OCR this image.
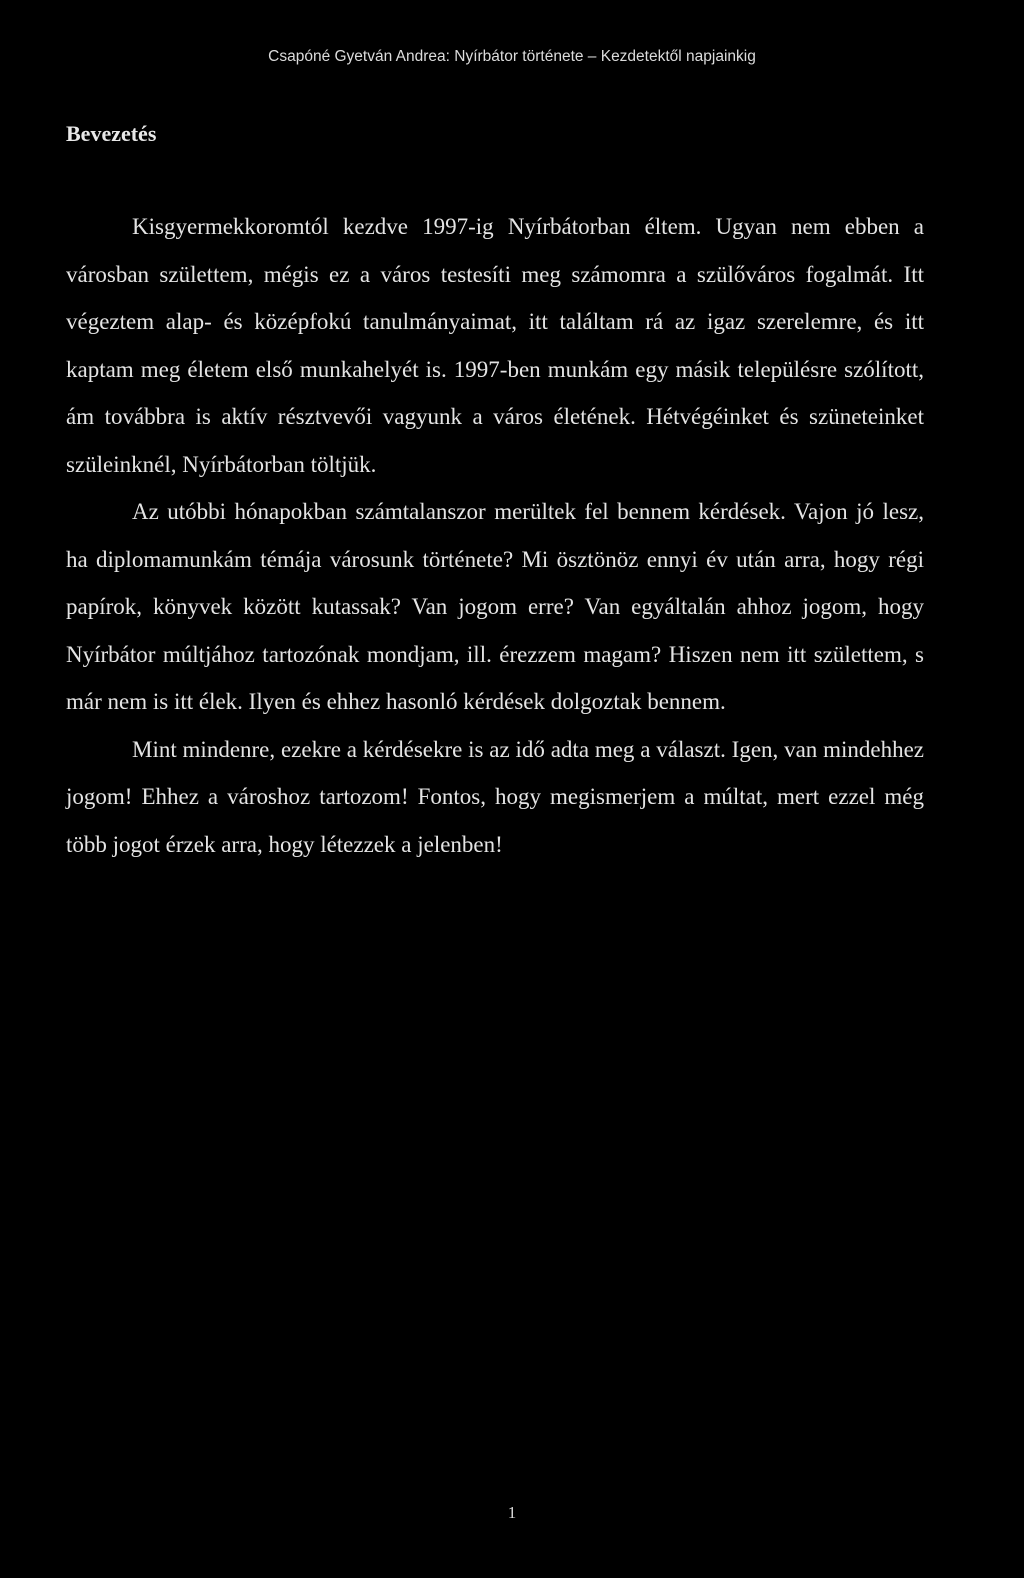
Csapóné Gyetván Andrea: Nyírbátor története – Kezdetektől napjainkig
Bevezetés

Kisgyermekkoromtól kezdve 1997-ig Nyírbátorban éltem. Ugyan nem ebben a városban születtem, mégis ez a város testesíti meg számomra a szülőváros fogalmát. Itt végeztem alap- és középfokú tanulmányaimat, itt találtam rá az igaz szerelemre, és itt kaptam meg életem első munkahelyét is. 1997-ben munkám egy másik településre szólított, ám továbbra is aktív résztvevői vagyunk a város életének. Hétvégéinket és szüneteinket szüleinknél, Nyírbátorban töltjük.

Az utóbbi hónapokban számtalanszor merültek fel bennem kérdések. Vajon jó lesz, ha diplomamunkám témája városunk története? Mi ösztönöz ennyi év után arra, hogy régi papírok, könyvek között kutassak? Van jogom erre? Van egyáltalán ahhoz jogom, hogy Nyírbátor múltjához tartozónak mondjam, ill. érezzem magam? Hiszen nem itt születtem, s már nem is itt élek. Ilyen és ehhez hasonló kérdések dolgoztak bennem.

Mint mindenre, ezekre a kérdésekre is az idő adta meg a választ. Igen, van mindehhez jogom! Ehhez a városhoz tartozom! Fontos, hogy megismerjem a múltat, mert ezzel még több jogot érzek arra, hogy létezzek a jelenben!

1
